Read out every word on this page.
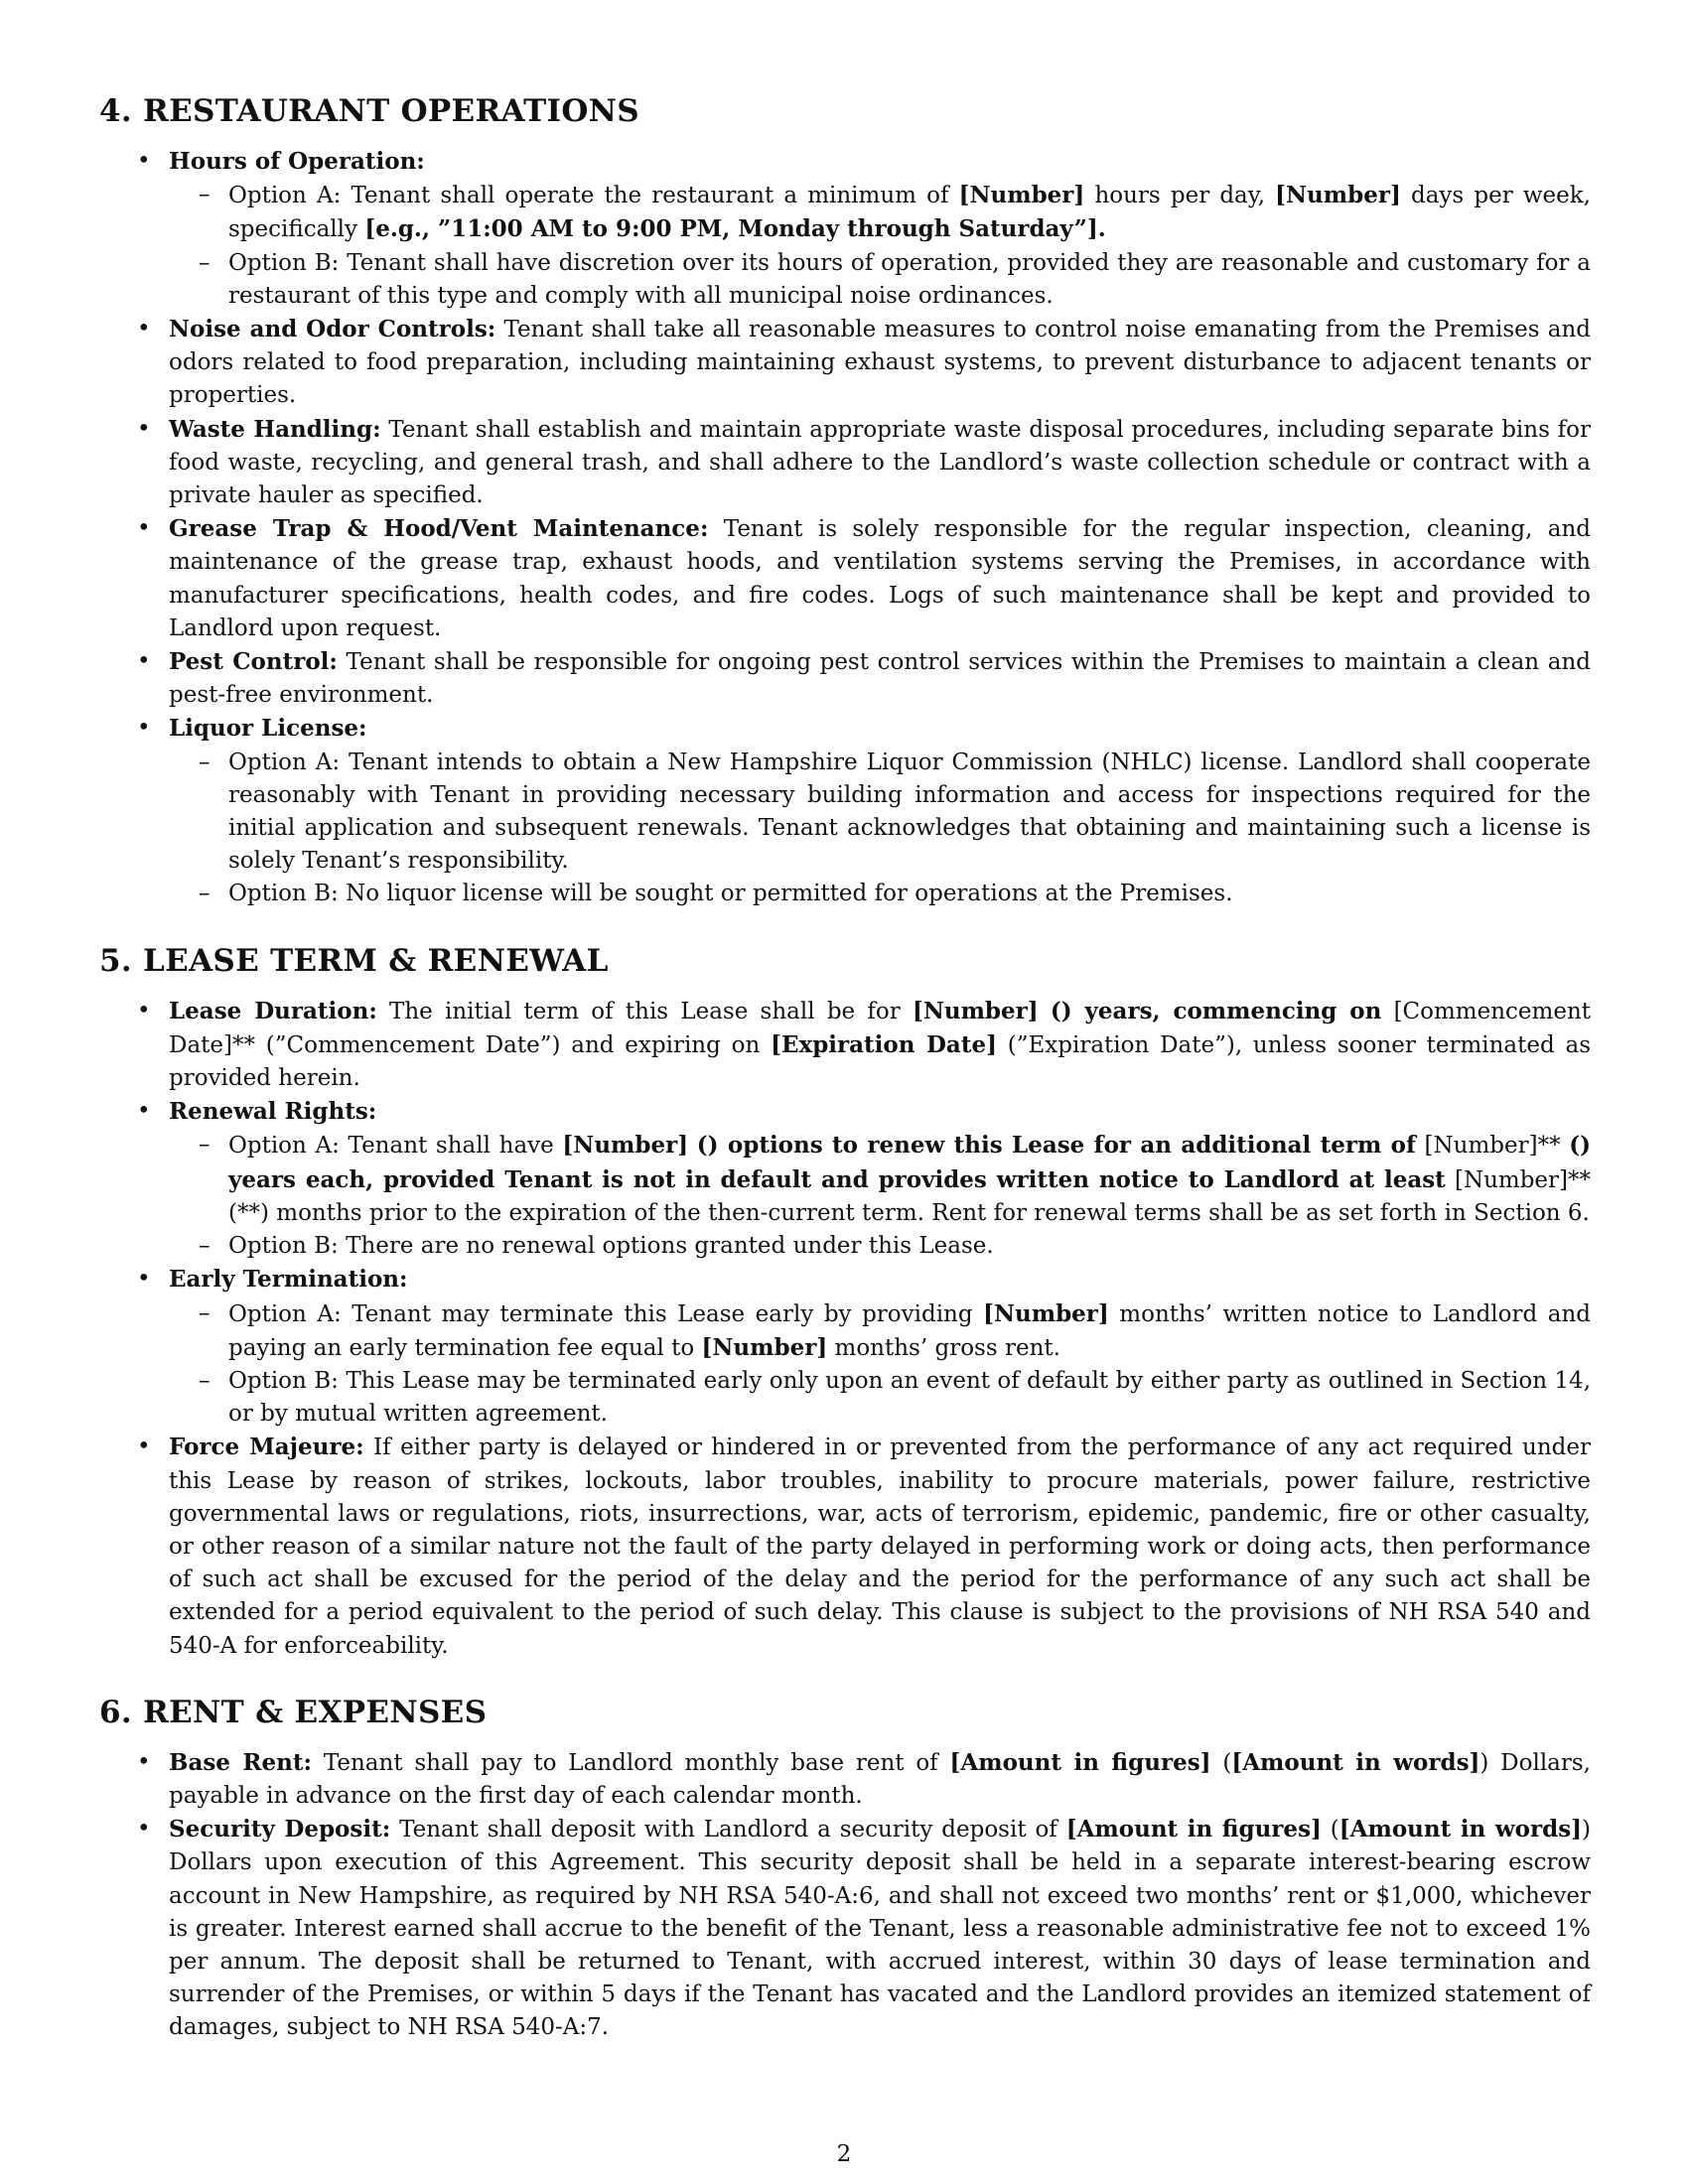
4. RESTAURANT OPERATIONS
• Hours of Operation:
– Option A: Tenant shall operate the restaurant a minimum of [Number] hours per day, [Number] days per week, specifically [e.g., ”11:00 AM to 9:00 PM, Monday through Saturday”].
– Option B: Tenant shall have discretion over its hours of operation, provided they are reasonable and customary for a restaurant of this type and comply with all municipal noise ordinances.
• Noise and Odor Controls: Tenant shall take all reasonable measures to control noise emanating from the Premises and odors related to food preparation, including maintaining exhaust systems, to prevent disturbance to adjacent tenants or properties.
• Waste Handling: Tenant shall establish and maintain appropriate waste disposal procedures, including separate bins for food waste, recycling, and general trash, and shall adhere to the Landlord’s waste collection schedule or contract with a private hauler as specified.
• Grease Trap & Hood/Vent Maintenance: Tenant is solely responsible for the regular inspection, cleaning, and maintenance of the grease trap, exhaust hoods, and ventilation systems serving the Premises, in accordance with manufacturer specifications, health codes, and fire codes. Logs of such maintenance shall be kept and provided to Landlord upon request.
• Pest Control: Tenant shall be responsible for ongoing pest control services within the Premises to maintain a clean and pest-free environment.
• Liquor License:
– Option A: Tenant intends to obtain a New Hampshire Liquor Commission (NHLC) license. Landlord shall cooperate reasonably with Tenant in providing necessary building information and access for inspections required for the initial application and subsequent renewals. Tenant acknowledges that obtaining and maintaining such a license is solely Tenant’s responsibility.
– Option B: No liquor license will be sought or permitted for operations at the Premises.
5. LEASE TERM & RENEWAL
• Lease Duration: The initial term of this Lease shall be for [Number] () years, commencing on [Commencement Date]** (”Commencement Date”) and expiring on [Expiration Date] (”Expiration Date”), unless sooner terminated as provided herein.
• Renewal Rights:
– Option A: Tenant shall have [Number] () options to renew this Lease for an additional term of [Number]** () years each, provided Tenant is not in default and provides written notice to Landlord at least [Number]** (**) months prior to the expiration of the then-current term. Rent for renewal terms shall be as set forth in Section 6.
– Option B: There are no renewal options granted under this Lease.
• Early Termination:
– Option A: Tenant may terminate this Lease early by providing [Number] months’ written notice to Landlord and paying an early termination fee equal to [Number] months’ gross rent.
– Option B: This Lease may be terminated early only upon an event of default by either party as outlined in Section 14, or by mutual written agreement.
• Force Majeure: If either party is delayed or hindered in or prevented from the performance of any act required under this Lease by reason of strikes, lockouts, labor troubles, inability to procure materials, power failure, restrictive governmental laws or regulations, riots, insurrections, war, acts of terrorism, epidemic, pandemic, fire or other casualty, or other reason of a similar nature not the fault of the party delayed in performing work or doing acts, then performance of such act shall be excused for the period of the delay and the period for the performance of any such act shall be extended for a period equivalent to the period of such delay. This clause is subject to the provisions of NH RSA 540 and 540-A for enforceability.
6. RENT & EXPENSES
• Base Rent: Tenant shall pay to Landlord monthly base rent of [Amount in figures] ([Amount in words]) Dollars, payable in advance on the first day of each calendar month.
• Security Deposit: Tenant shall deposit with Landlord a security deposit of [Amount in figures] ([Amount in words]) Dollars upon execution of this Agreement. This security deposit shall be held in a separate interest-bearing escrow account in New Hampshire, as required by NH RSA 540-A:6, and shall not exceed two months’ rent or $1,000, whichever is greater. Interest earned shall accrue to the benefit of the Tenant, less a reasonable administrative fee not to exceed 1% per annum. The deposit shall be returned to Tenant, with accrued interest, within 30 days of lease termination and surrender of the Premises, or within 5 days if the Tenant has vacated and the Landlord provides an itemized statement of damages, subject to NH RSA 540-A:7.
2
